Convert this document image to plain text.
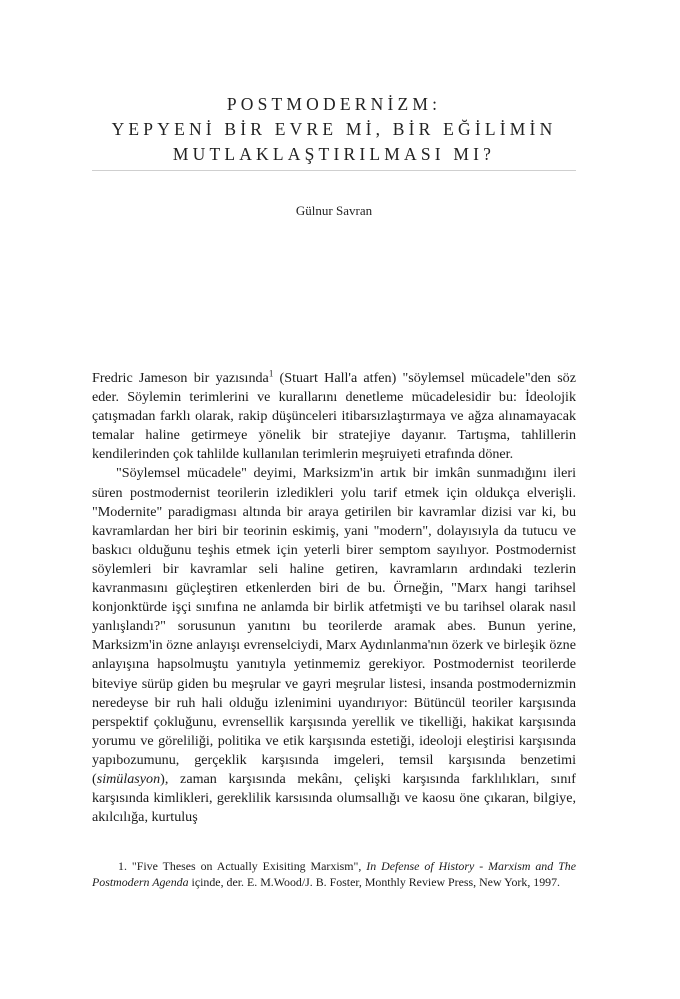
POSTMODERNİZM:
YEPYENİ BİR EVRE Mİ, BİR EĞİLİMİN
MUTLAKLAŞTIRILMASI MI?
Gülnur Savran

Fredric Jameson bir yazısında$^1$ (Stuart Hall'a atfen) "söylemsel mücadele"den söz eder. Söylemin terimlerini ve kurallarını denetleme mücadelesidir bu: İdeolojik çatışmadan farklı olarak, rakip düşünceleri itibarsızlaştırmaya ve ağza alınamayacak temalar haline getirmeye yönelik bir stratejiye dayanır. Tartışma, tahlillerin kendilerinden çok tahlilde kullanılan terimlerin meşruiyeti etrafında döner.

"Söylemsel mücadele" deyimi, Marksizm'in artık bir imkân sunmadığını ileri süren postmodernist teorilerin izledikleri yolu tarif etmek için oldukça elverişli. "Modernite" paradigması altında bir araya getirilen bir kavramlar dizisi var ki, bu kavramlardan her biri bir teorinin eskimiş, yani "modern", dolayısıyla da tutucu ve baskıcı olduğunu teşhis etmek için yeterli birer semptom sayılıyor. Postmodernist söylemleri bir kavramlar seli haline getiren, kavramların ardındaki tezlerin kavranmasını güçleştiren etkenlerden biri de bu. Örneğin, "Marx hangi tarihsel konjonktürde işçi sınıfına ne anlamda bir birlik atfetmişti ve bu tarihsel olarak nasıl yanlışlandı?" sorusunun yanıtını bu teorilerde aramak abes. Bunun yerine, Marksizm'in özne anlayışı evrenselciydi, Marx Aydınlanma'nın özerk ve birleşik özne anlayışına hapsolmuştu yanıtıyla yetinmemiz gerekiyor. Postmodernist teorilerde biteviye sürüp giden bu meşrular ve gayri meşrular listesi, insanda postmodernizmin neredeyse bir ruh hali olduğu izlenimini uyandırıyor: Bütüncül teoriler karşısında perspektif çokluğunu, evrensellik karşısında yerellik ve tikelliği, hakikat karşısında yorumu ve göreliliği, politika ve etik karşısında estetiği, ideoloji eleştirisi karşısında yapıbozumunu, gerçeklik karşısında imgeleri, temsil karşısında benzetimi (simülasyon), zaman karşısında mekânı, çelişki karşısında farklılıkları, sınıf karşısında kimlikleri, gereklilik karsısında olumsallığı ve kaosu öne çıkaran, bilgiye, akılcılığa, kurtuluş

1. "Five Theses on Actually Exisiting Marxism", In Defense of History - Marxism and The Postmodern Agenda içinde, der. E. M.Wood/J. B. Foster, Monthly Review Press, New York, 1997.
